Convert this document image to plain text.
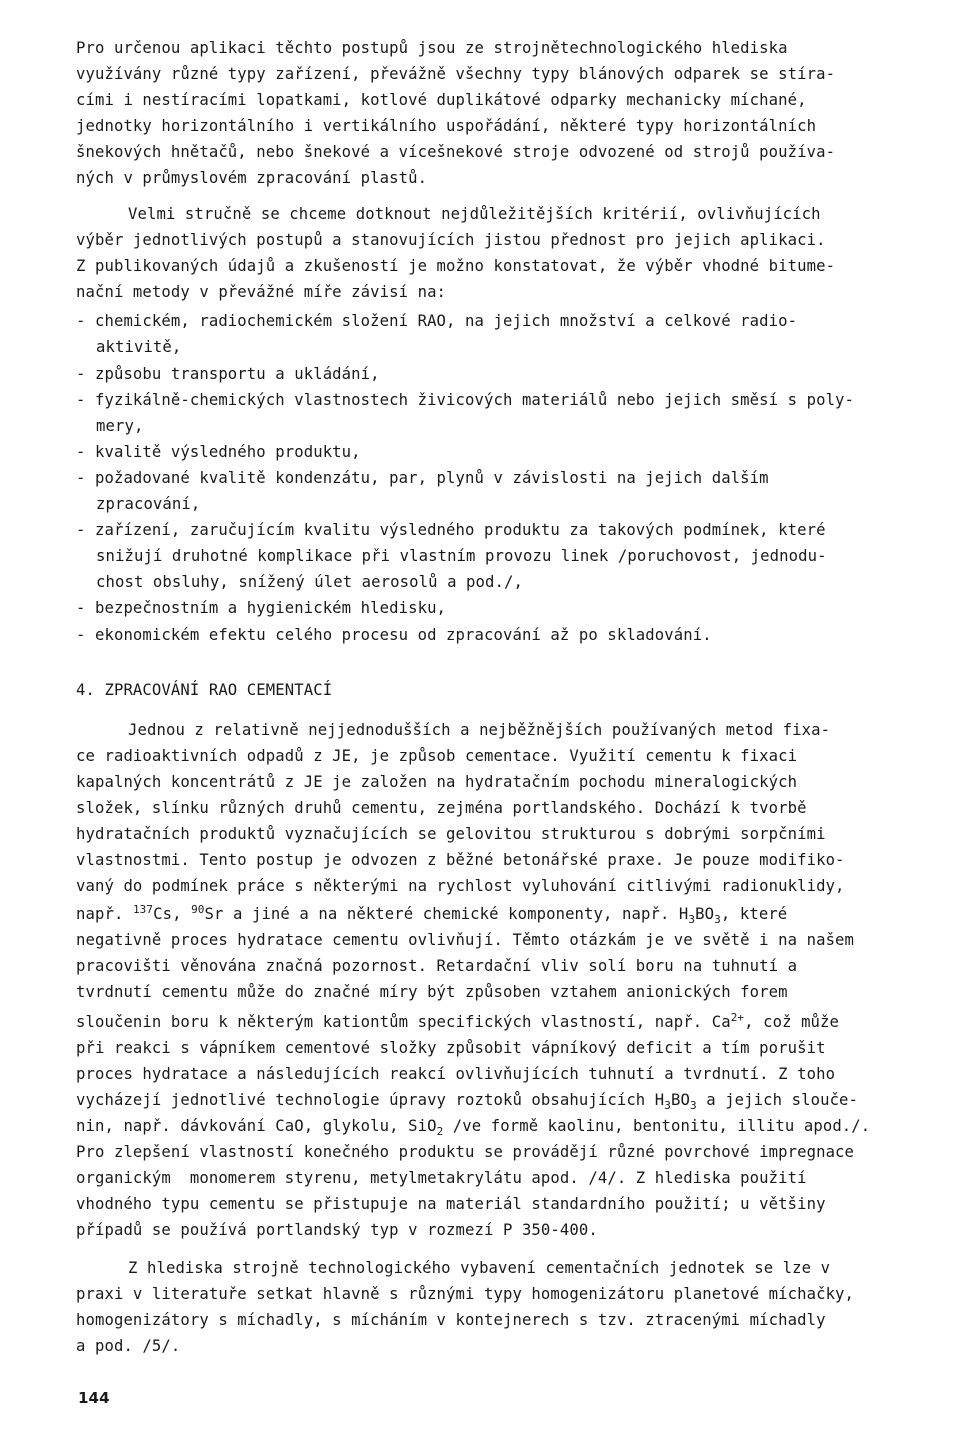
Pro určenou aplikaci těchto postupů jsou ze strojnětechnologického hlediska
využívány různé typy zařízení, převážně všechny typy blánových odparek se stíra-
cími i nestíracími lopatkami, kotlové duplikátové odparky mechanicky míchané,
jednotky horizontálního i vertikálního uspořádání, některé typy horizontálních
šnekových hnětačů, nebo šnekové a vícešnekové stroje odvozené od strojů používa-
ných v průmyslovém zpracování plastů.
Velmi stručně se chceme dotknout nejdůležitějších kritérií, ovlivňujících
výběr jednotlivých postupů a stanovujících jistou přednost pro jejich aplikaci.
Z publikovaných údajů a zkušeností je možno konstatovat, že výběr vhodné bitume-
nační metody v převážné míře závisí na:
- chemickém, radiochemickém složení RAO, na jejich množství a celkové radio-
aktivitě,
- způsobu transportu a ukládání,
- fyzikálně-chemických vlastnostech živicových materiálů nebo jejich směsí s poly-
mery,
- kvalitě výsledného produktu,
- požadované kvalitě kondenzátu, par, plynů v závislosti na jejich dalším
zpracování,
- zařízení, zaručujícím kvalitu výsledného produktu za takových podmínek, které
snižují druhotné komplikace při vlastním provozu linek /poruchovost, jednodu-
chost obsluhy, snížený úlet aerosolů a pod./,
- bezpečnostním a hygienickém hledisku,
- ekonomickém efektu celého procesu od zpracování až po skladování.
4. ZPRACOVÁNÍ RAO CEMENTACÍ
Jednou z relativně nejjednodušších a nejběžnějších používaných metod fixa-
ce radioaktivních odpadů z JE, je způsob cementace. Využití cementu k fixaci
kapalných koncentrátů z JE je založen na hydratačním pochodu mineralogických
složek, slínku různých druhů cementu, zejména portlandského. Dochází k tvorbě
hydratačních produktů vyznačujících se gelovitou strukturou s dobrými sorpčními
vlastnostmi. Tento postup je odvozen z běžné betonářské praxe. Je pouze modifiko-
vaný do podmínek práce s některými na rychlost vyluhování citlivými radionuklidy,
např. $^{137}$Cs, $^{90}$Sr a jiné a na některé chemické komponenty, např. $H_3BO_3$, které
negativně proces hydratace cementu ovlivňují. Těmto otázkám je ve světě i na našem
pracovišti věnována značná pozornost. Retardační vliv solí boru na tuhnutí a
tvrdnutí cementu může do značné míry být způsoben vztahem anionických forem
sloučenin boru k některým kationtům specifických vlastností, např. $Ca^{2+}$, což může
při reakci s vápníkem cementové složky způsobit vápníkový deficit a tím porušit
proces hydratace a následujících reakcí ovlivňujících tuhnutí a tvrdnutí. Z toho
vycházejí jednotlivé technologie úpravy roztoků obsahujících $H_3BO_3$ a jejich slouče-
nin, např. dávkování CaO, glykolu, SiO$_2$ /ve formě kaolinu, bentonitu, illitu apod./.
Pro zlepšení vlastností konečného produktu se provádějí různé povrchové impregnace
organickým  monomerem styrenu, metylmetakrylátu apod. /4/. Z hlediska použití
vhodného typu cementu se přistupuje na materiál standardního použití; u většiny
případů se používá portlandský typ v rozmezí P 350-400.
Z hlediska strojně technologického vybavení cementačních jednotek se lze v
praxi v literatuře setkat hlavně s různými typy homogenizátoru planetové míchačky,
homogenizátory s míchadly, s mícháním v kontejnerech s tzv. ztracenými míchadly
a pod. /5/.
144
